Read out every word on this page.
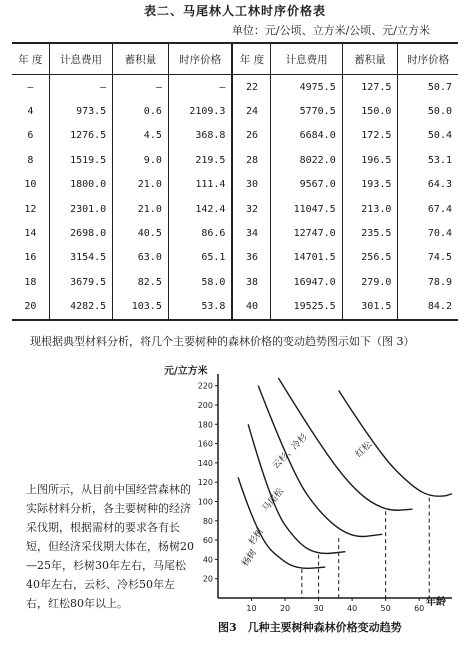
表二、马尾林人工林时序价格表
单位：元/公顷、立方米/公顷、元/立方米
年 度	计息费用	蓄积量	时序价格	年 度	计息费用	蓄积量	时序价格
—	—	—	—	22	4975.5	127.5	50.7
4	973.5	0.6	2109.3	24	5770.5	150.0	50.0
6	1276.5	4.5	368.8	26	6684.0	172.5	50.4
8	1519.5	9.0	219.5	28	8022.0	196.5	53.1
10	1800.0	21.0	111.4	30	9567.0	193.5	64.3
12	2301.0	21.0	142.4	32	11047.5	213.0	67.4
14	2698.0	40.5	86.6	34	12747.0	235.5	70.4
16	3154.5	63.0	65.1	36	14701.5	256.5	74.5
18	3679.5	82.5	58.0	38	16947.0	279.0	78.9
20	4282.5	103.5	53.8	40	19525.5	301.5	84.2
现根据典型材料分析，将几个主要树种的森林价格的变动趋势图示如下（图 3）
上图所示，从目前中国经营森林的实际材料分析，各主要树种的经济采伐期，根据需材的要求各有长短，但经济采伐期大体在，杨树20—25年，杉树30年左右，马尾松40年左右，云杉、冷杉50年左右，红松80年以上。
20
40
60
80
100
120
140
160
180
200
220
10	20	30	40	50	60
元/立方米
年龄
杨树
杉树
马尾松
云杉、冷杉	红松
图3　几种主要树种森林价格变动趋势
